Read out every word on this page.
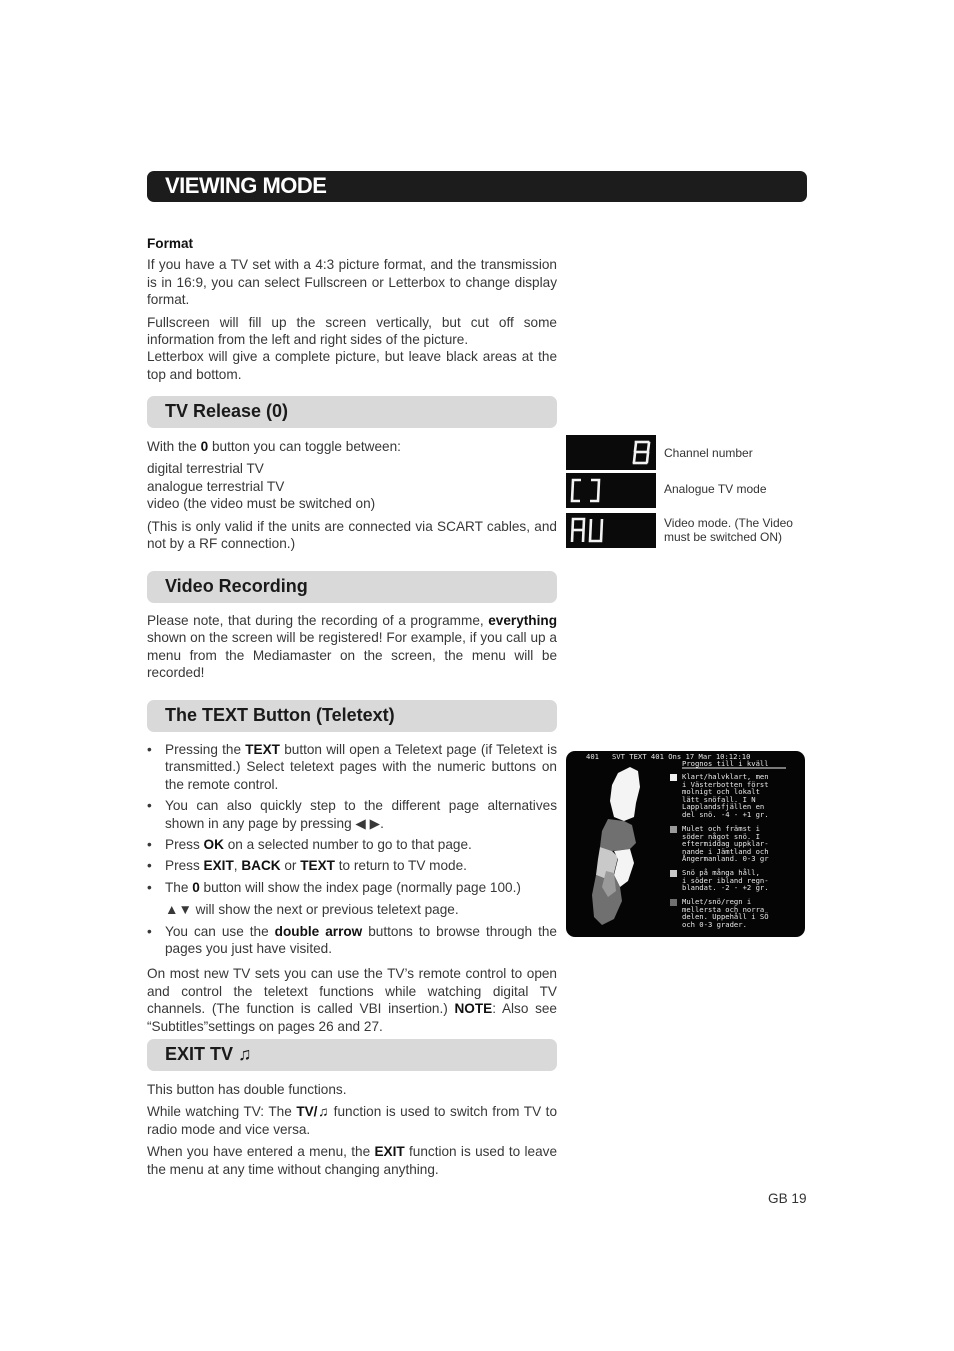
VIEWING MODE

Format

If you have a TV set with a 4:3 picture format, and the transmission is in 16:9, you can select Fullscreen or Letterbox to change display format.

Fullscreen will fill up the screen vertically, but cut off some information from the left and right sides of the picture.

Letterbox will give a complete picture, but leave black areas at the top and bottom.

TV Release (0)

With the 0 button you can toggle between:

digital terrestrial TV

analogue terrestrial TV

video (the video must be switched on)

(This is only valid if the units are connected via SCART cables, and not by a RF connection.)

Channel number
Analogue TV mode
Video mode. (The Video must be switched ON)
Video Recording

Please note, that during the recording of a programme, everything shown on the screen will be registered! For example, if you call up a menu from the Mediamaster on the screen, the menu will be recorded!

The TEXT Button (Teletext)
• Pressing the TEXT button will open a Teletext page (if Teletext is transmitted.) Select teletext pages with the numeric buttons on the remote control.
• You can also quickly step to the different page alternatives shown in any page by pressing ◀ ▶.
• Press OK on a selected number to go to that page.
• Press EXIT, BACK or TEXT to return to TV mode.
• The 0 button will show the index page (normally page 100.)
▲▼ will show the next or previous teletext page.
• You can use the double arrow buttons to browse through the pages you just have visited.

On most new TV sets you can use the TV’s remote control to open and control the teletext functions while watching digital TV channels. (The function is called VBI insertion.) NOTE: Also see “Subtitles”settings on pages 26 and 27.

401   SVT TEXT 401 Ons 17 Mar 10:12:10
Prognos till i kväll
Klart/halvklart, men
i Västerbotten först
molnigt och lokalt
lätt snöfall. I N
Lapplandsfjällen en
del snö. -4 - +1 gr.
Mulet och främst i
söder något snö. I
eftermiddag uppklar-
nande i Jämtland och
Ångermanland. 0-3 gr
Snö på många håll,
i söder ibland regn-
blandat. -2 - +2 gr.
Mulet/snö/regn i
mellersta och norra
delen. Uppehåll i SÖ
och 0-3 grader.
EXIT TV ♫

This button has double functions.

While watching TV: The TV/♫ function is used to switch from TV to radio mode and vice versa.

When you have entered a menu, the EXIT function is used to leave the menu at any time without changing anything.

GB 19
